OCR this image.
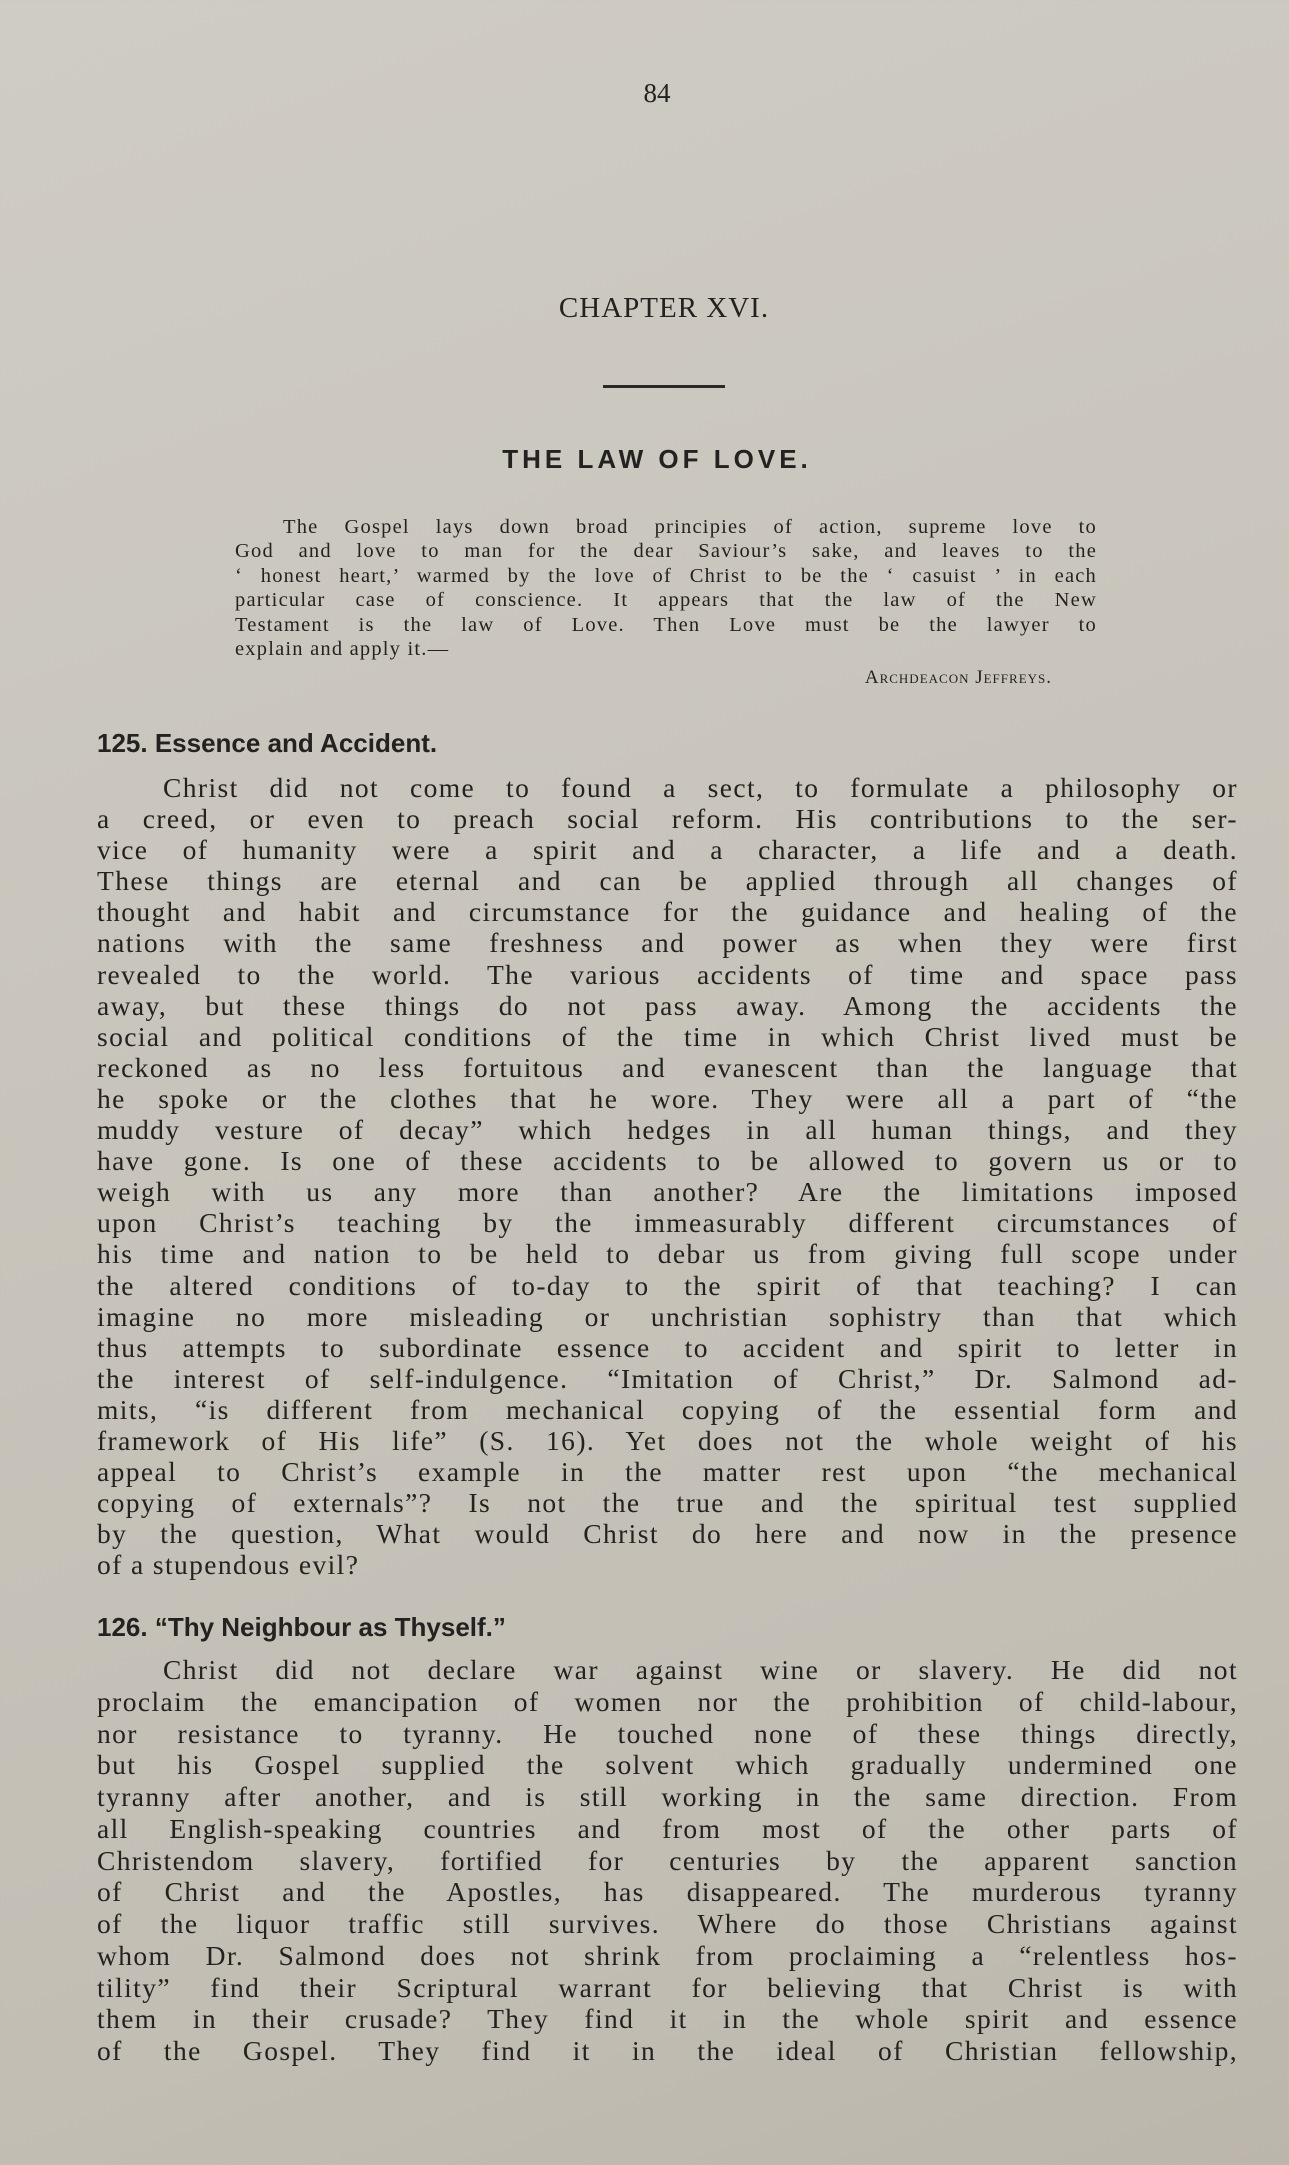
84
CHAPTER XVI.
THE LAW OF LOVE.
The Gospel lays down broad principies of action, supreme love to
God and love to man for the dear Saviour’s sake, and leaves to the
‘ honest heart,’ warmed by the love of Christ to be the ‘ casuist ’ in each
particular case of conscience. It appears that the law of the New
Testament is the law of Love. Then Love must be the lawyer to
explain and apply it.—
Archdeacon Jeffreys.
125. Essence and Accident.
Christ did not come to found a sect, to formulate a philosophy or
a creed, or even to preach social reform. His contributions to the ser-
vice of humanity were a spirit and a character, a life and a death.
These things are eternal and can be applied through all changes of
thought and habit and circumstance for the guidance and healing of the
nations with the same freshness and power as when they were first
revealed to the world. The various accidents of time and space pass
away, but these things do not pass away. Among the accidents the
social and political conditions of the time in which Christ lived must be
reckoned as no less fortuitous and evanescent than the language that
he spoke or the clothes that he wore. They were all a part of “the
muddy vesture of decay” which hedges in all human things, and they
have gone. Is one of these accidents to be allowed to govern us or to
weigh with us any more than another? Are the limitations imposed
upon Christ’s teaching by the immeasurably different circumstances of
his time and nation to be held to debar us from giving full scope under
the altered conditions of to-day to the spirit of that teaching? I can
imagine no more misleading or unchristian sophistry than that which
thus attempts to subordinate essence to accident and spirit to letter in
the interest of self-indulgence. “Imitation of Christ,” Dr. Salmond ad-
mits, “is different from mechanical copying of the essential form and
framework of His life” (S. 16). Yet does not the whole weight of his
appeal to Christ’s example in the matter rest upon “the mechanical
copying of externals”? Is not the true and the spiritual test supplied
by the question, What would Christ do here and now in the presence
of a stupendous evil?
126. “Thy Neighbour as Thyself.”
Christ did not declare war against wine or slavery. He did not
proclaim the emancipation of women nor the prohibition of child-labour,
nor resistance to tyranny. He touched none of these things directly,
but his Gospel supplied the solvent which gradually undermined one
tyranny after another, and is still working in the same direction. From
all English-speaking countries and from most of the other parts of
Christendom slavery, fortified for centuries by the apparent sanction
of Christ and the Apostles, has disappeared. The murderous tyranny
of the liquor traffic still survives. Where do those Christians against
whom Dr. Salmond does not shrink from proclaiming a “relentless hos-
tility” find their Scriptural warrant for believing that Christ is with
them in their crusade? They find it in the whole spirit and essence
of the Gospel. They find it in the ideal of Christian fellowship,
